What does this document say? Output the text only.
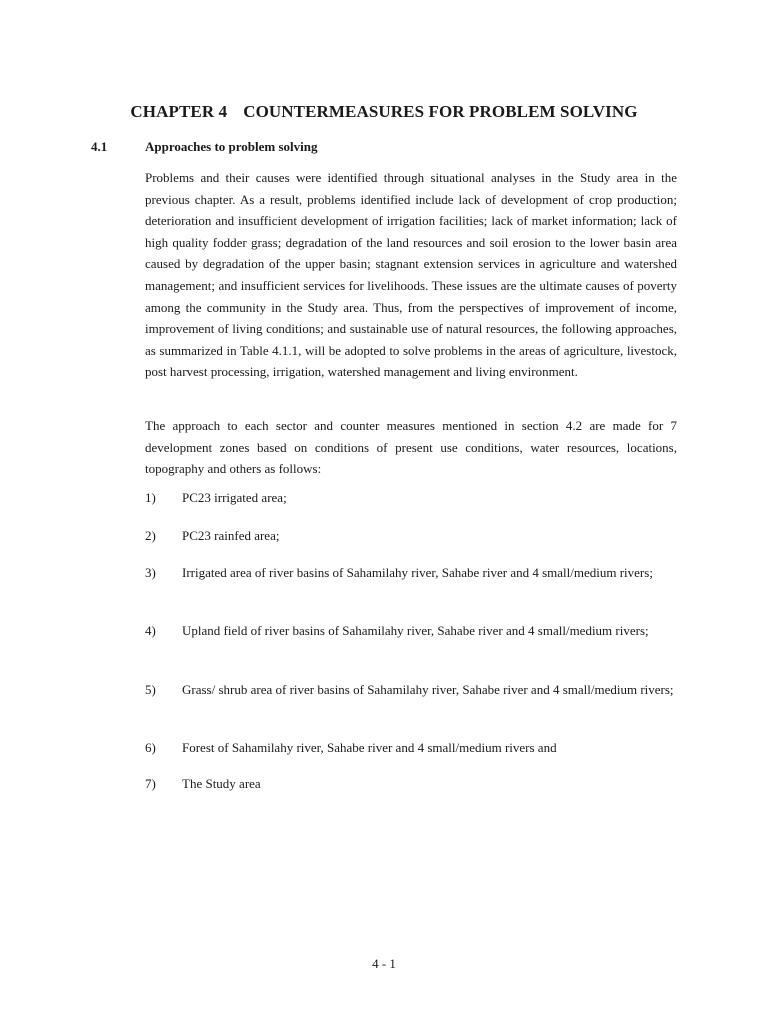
CHAPTER 4 COUNTERMEASURES FOR PROBLEM SOLVING
4.1	Approaches to problem solving

Problems and their causes were identified through situational analyses in the Study area in the previous chapter. As a result, problems identified include lack of development of crop production; deterioration and insufficient development of irrigation facilities; lack of market information; lack of high quality fodder grass; degradation of the land resources and soil erosion to the lower basin area caused by degradation of the upper basin; stagnant extension services in agriculture and watershed management; and insufficient services for livelihoods. These issues are the ultimate causes of poverty among the community in the Study area. Thus, from the perspectives of improvement of income, improvement of living conditions; and sustainable use of natural resources, the following approaches, as summarized in Table 4.1.1, will be adopted to solve problems in the areas of agriculture, livestock, post harvest processing, irrigation, watershed management and living environment.

The approach to each sector and counter measures mentioned in section 4.2 are made for 7 development zones based on conditions of present use conditions, water resources, locations, topography and others as follows:

1)	PC23 irrigated area;
2)	PC23 rainfed area;
3)	Irrigated area of river basins of Sahamilahy river, Sahabe river and 4 small/medium rivers;
4)	Upland field of river basins of Sahamilahy river, Sahabe river and 4 small/medium rivers;
5)	Grass/ shrub area of river basins of Sahamilahy river, Sahabe river and 4 small/medium rivers;
6)	Forest of Sahamilahy river, Sahabe river and 4 small/medium rivers and
7)	The Study area
4 - 1
